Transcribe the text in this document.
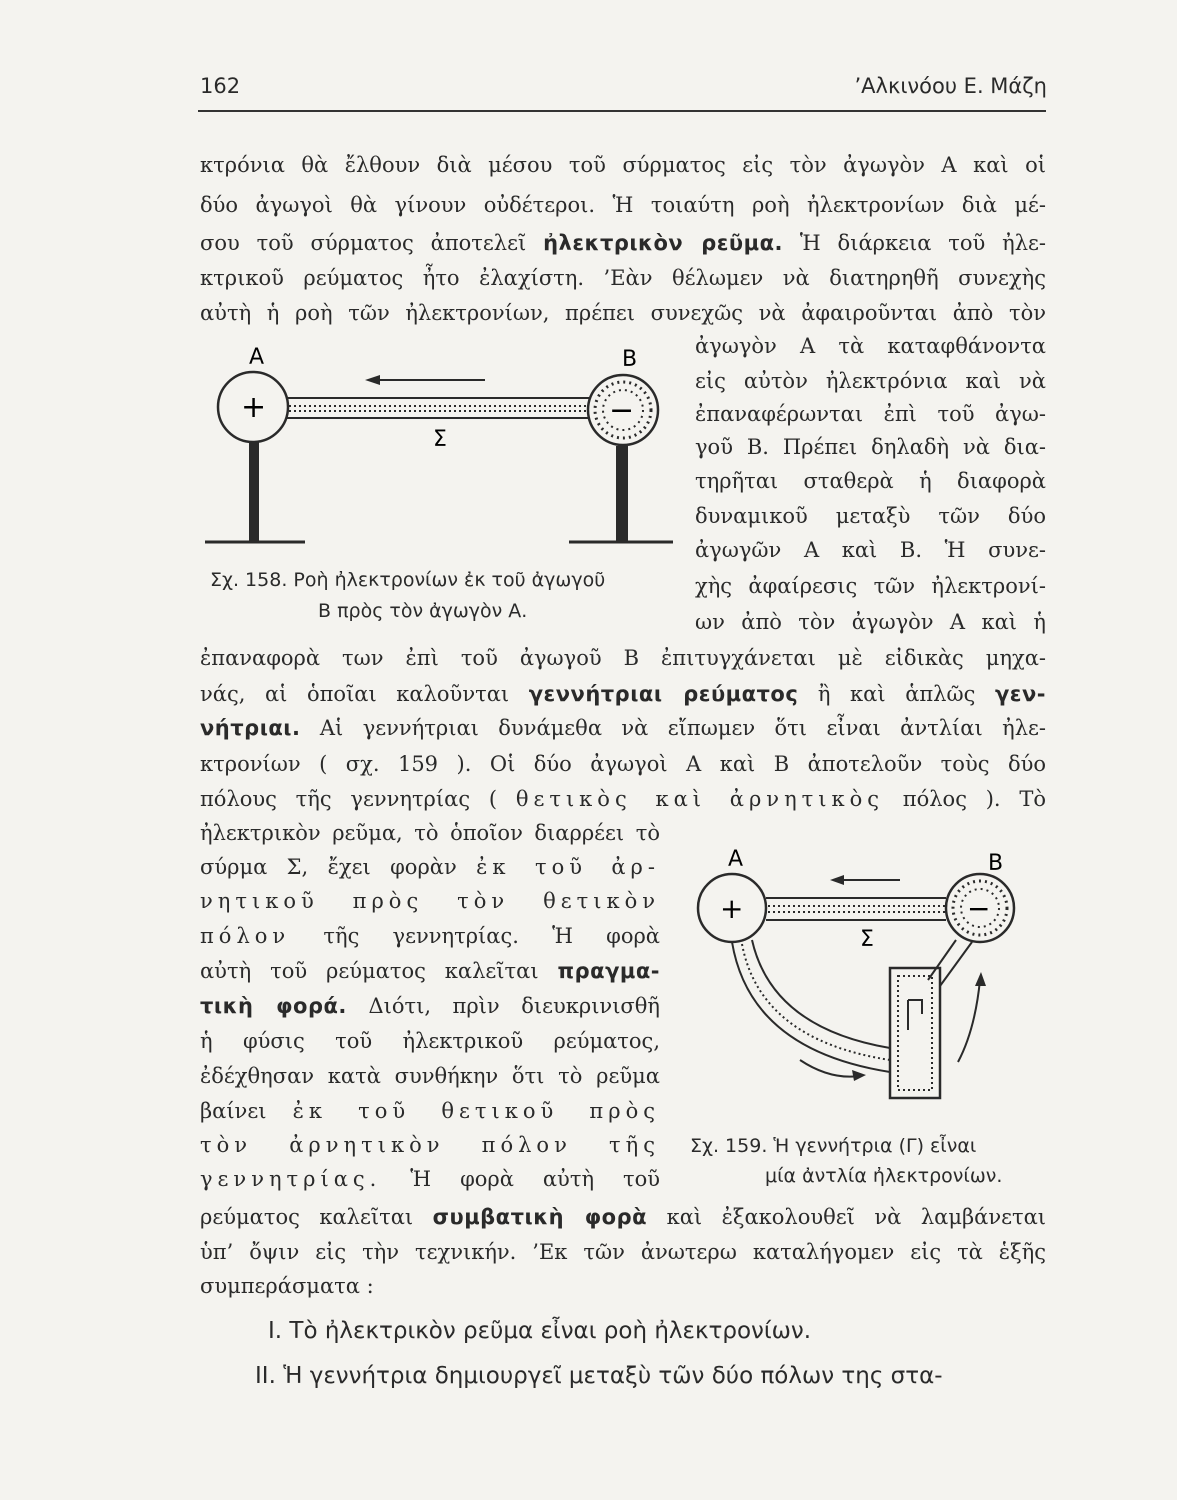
162	’Αλκινόου Ε. Μάζη
κτρόνια θὰ ἔλθουν διὰ μέσου τοῦ σύρματος εἰς τὸν ἀγωγὸν Α καὶ οἱ
δύο ἀγωγοὶ θὰ γίνουν οὐδέτεροι. Ἡ τοιαύτη ροὴ ἠλεκτρονίων διὰ μέ-
σου τοῦ σύρματος ἀποτελεῖ ἠλεκτρικὸν ρεῦμα. Ἡ διάρκεια τοῦ ἠλε-
κτρικοῦ ρεύματος ἦτο ἐλαχίστη. ’Εὰν θέλωμεν νὰ διατηρηθῆ συνεχὴς
αὐτὴ ἡ ροὴ τῶν ἠλεκτρονίων, πρέπει συνεχῶς νὰ ἀφαιροῦνται ἀπὸ τὸν
ἀγωγὸν Α τὰ καταφθάνοντα
εἰς αὐτὸν ἠλεκτρόνια καὶ νὰ
ἐπαναφέρωνται ἐπὶ τοῦ ἀγω-
γοῦ Β. Πρέπει δηλαδὴ νὰ δια-
τηρῆται σταθερὰ ἡ διαφορὰ
δυναμικοῦ μεταξὺ τῶν δύο
ἀγωγῶν Α καὶ Β. Ἡ συνε-
χὴς ἀφαίρεσις τῶν ἠλεκτρονί-
ων ἀπὸ τὸν ἀγωγὸν Α καὶ ἡ
Α	Β
+	−
Σ
Σχ. 158. Ροὴ ἠλεκτρονίων ἐκ τοῦ ἀγωγοῦ
Β πρὸς τὸν ἀγωγὸν Α.
ἐπαναφορὰ των ἐπὶ τοῦ ἀγωγοῦ Β ἐπιτυγχάνεται μὲ εἰδικὰς μηχα-
νάς, αἱ ὁποῖαι καλοῦνται γεννήτριαι ρεύματος ἢ καὶ ἁπλῶς γεν-
νήτριαι. Αἱ γεννήτριαι δυνάμεθα νὰ εἴπωμεν ὅτι εἶναι ἀντλίαι ἠλε-
κτρονίων ( σχ. 159 ). Οἱ δύο ἀγωγοὶ Α καὶ Β ἀποτελοῦν τοὺς δύο
πόλους τῆς γεννητρίας ( θετικὸς καὶ ἀρνητικὸς πόλος ). Τὸ
ἠλεκτρικὸν ρεῦμα, τὸ ὁποῖον διαρρέει τὸ
σύρμα Σ, ἔχει φορὰν ἐκ τοῦ ἀρ-
νητικοῦ πρὸς τὸν θετικὸν
πόλον τῆς γεννητρίας. Ἡ φορὰ
αὐτὴ τοῦ ρεύματος καλεῖται πραγμα-
τικὴ φορά. Διότι, πρὶν διευκρινισθῆ
ἡ φύσις τοῦ ἠλεκτρικοῦ ρεύματος,
ἐδέχθησαν κατὰ συνθήκην ὅτι τὸ ρεῦμα
βαίνει ἐκ τοῦ θετικοῦ πρὸς
τὸν ἀρνητικὸν πόλον τῆς
γεννητρίας. Ἡ φορὰ αὐτὴ τοῦ
Α	Β
+	−
Σ
Σχ. 159. Ἡ γεννήτρια (Γ) εἶναι
μία ἀντλία ἠλεκτρονίων.
ρεύματος καλεῖται συμβατικὴ φορὰ καὶ ἐξακολουθεῖ νὰ λαμβάνεται
ὑπ’ ὄψιν εἰς τὴν τεχνικήν. ’Εκ τῶν ἀνωτερω καταλήγομεν εἰς τὰ ἑξῆς
συμπεράσματα :
I. Τὸ ἠλεκτρικὸν ρεῦμα εἶναι ροὴ ἠλεκτρονίων.
II. Ἡ γεννήτρια δημιουργεῖ μεταξὺ τῶν δύο πόλων της στα-
